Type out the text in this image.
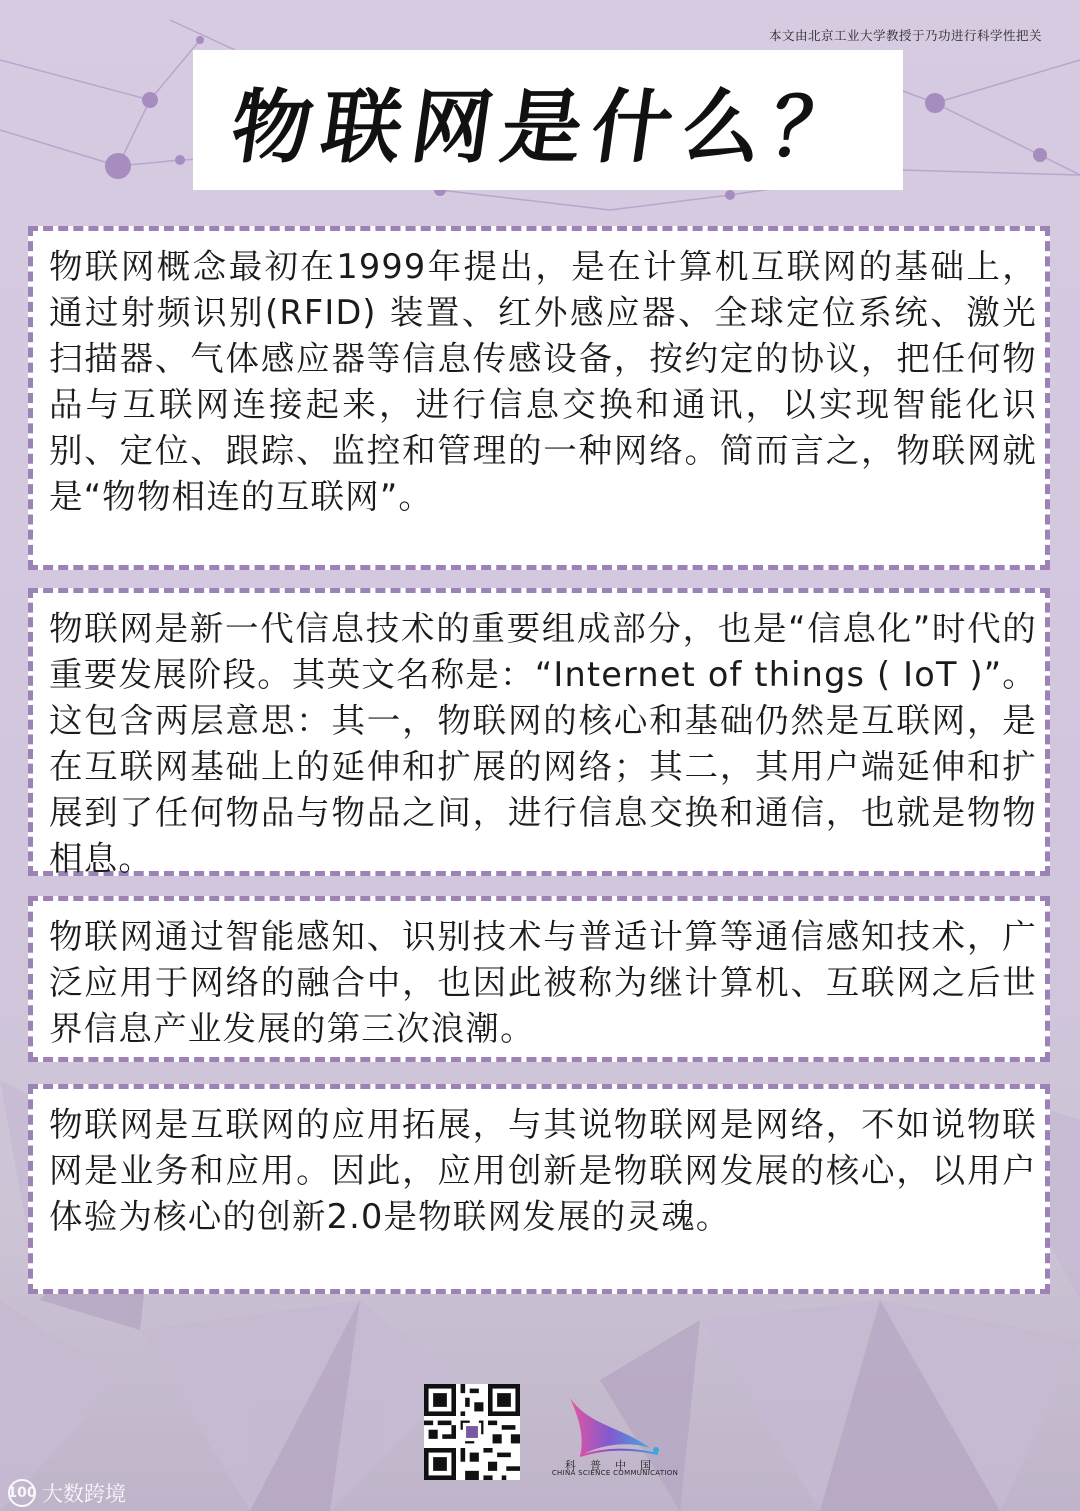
本文由北京工业大学教授于乃功进行科学性把关
物联网是什么？

物联网概念最初在1999年提出，是在计算机互联网的基础上，通过射频识别(RFID) 装置、红外感应器、全球定位系统、激光扫描器、气体感应器等信息传感设备，按约定的协议，把任何物品与互联网连接起来，进行信息交换和通讯，以实现智能化识别、定位、跟踪、监控和管理的一种网络。简而言之，物联网就是“物物相连的互联网”。

物联网是新一代信息技术的重要组成部分，也是“信息化”时代的重要发展阶段。其英文名称是：“Internet of things ( IoT )”。这包含两层意思：其一，物联网的核心和基础仍然是互联网，是在互联网基础上的延伸和扩展的网络；其二，其用户端延伸和扩展到了任何物品与物品之间，进行信息交换和通信，也就是物物相息。

物联网通过智能感知、识别技术与普适计算等通信感知技术，广泛应用于网络的融合中，也因此被称为继计算机、互联网之后世界信息产业发展的第三次浪潮。

物联网是互联网的应用拓展，与其说物联网是网络，不如说物联网是业务和应用。因此，应用创新是物联网发展的核心，以用户体验为核心的创新2.0是物联网发展的灵魂。

科普中国
CHINA SCIENCE COMMUNICATION
100 大数跨境
